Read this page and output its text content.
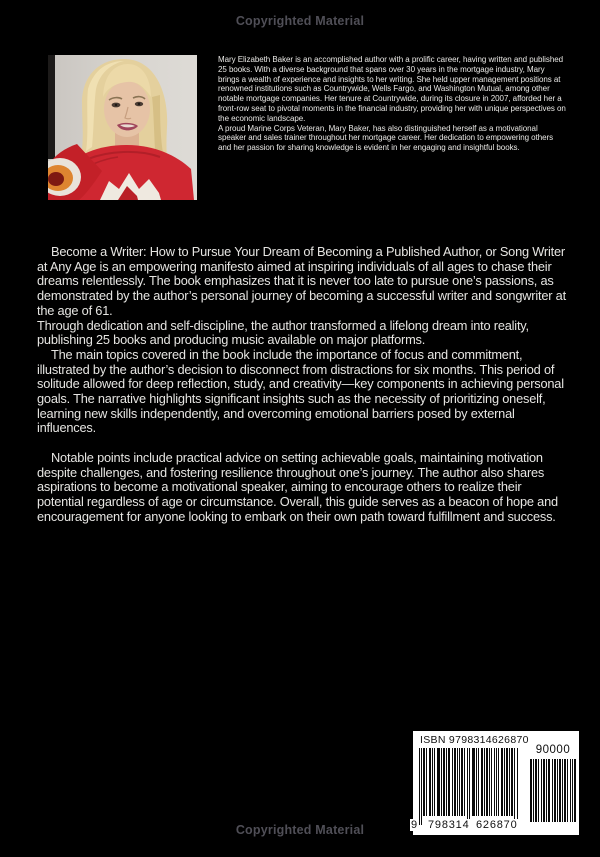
Copyrighted Material

Mary Elizabeth Baker is an accomplished author with a prolific career, having written and published 25 books. With a diverse background that spans over 30 years in the mortgage industry, Mary brings a wealth of experience and insights to her writing. She held upper management positions at renowned institutions such as Countrywide, Wells Fargo, and Washington Mutual, among other notable mortgage companies. Her tenure at Countrywide, during its closure in 2007, afforded her a front-row seat to pivotal moments in the financial industry, providing her with unique perspectives on the economic landscape.

A proud Marine Corps Veteran, Mary Baker, has also distinguished herself as a motivational speaker and sales trainer throughout her mortgage career. Her dedication to empowering others and her passion for sharing knowledge is evident in her engaging and insightful books.

Become a Writer: How to Pursue Your Dream of Becoming a Published Author, or Song Writer at Any Age is an empowering manifesto aimed at inspiring individuals of all ages to chase their dreams relentlessly. The book emphasizes that it is never too late to pursue one’s passions, as demonstrated by the author’s personal journey of becoming a successful writer and songwriter at the age of 61.

Through dedication and self-discipline, the author transformed a lifelong dream into reality, publishing 25 books and producing music available on major platforms.

The main topics covered in the book include the importance of focus and commitment, illustrated by the author’s decision to disconnect from distractions for six months. This period of solitude allowed for deep reflection, study, and creativity—key components in achieving personal goals. The narrative highlights significant insights such as the necessity of prioritizing oneself, learning new skills independently, and overcoming emotional barriers posed by external influences.

Notable points include practical advice on setting achievable goals, maintaining motivation despite challenges, and fostering resilience throughout one’s journey. The author also shares aspirations to become a motivational speaker, aiming to encourage others to realize their potential regardless of age or circumstance. Overall, this guide serves as a beacon of hope and encouragement for anyone looking to embark on their own path toward fulfillment and success.

ISBN 9798314626870
90000
9 798314 626870
Copyrighted Material
